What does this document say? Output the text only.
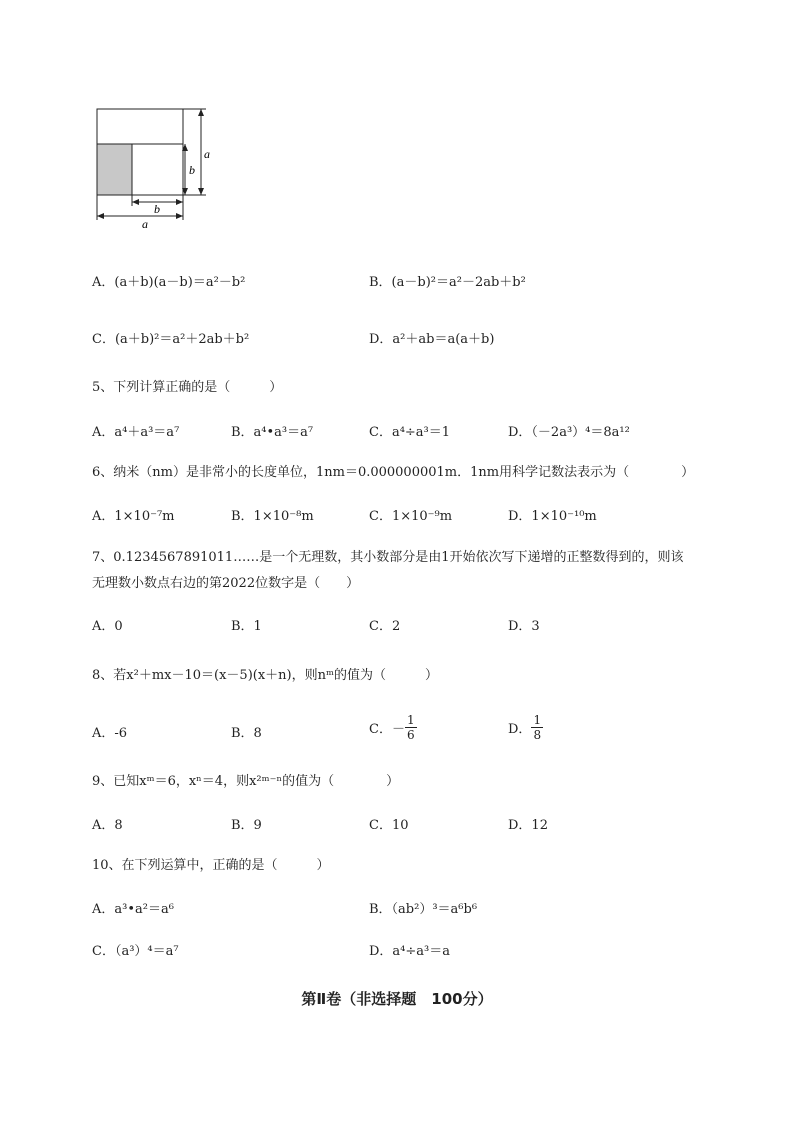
a
b
b
a
A．(a＋b)(a－b)＝a²－b²	B．(a－b)²＝a²－2ab＋b²
C．(a＋b)²＝a²＋2ab＋b²	D．a²＋ab＝a(a＋b)
5、下列计算正确的是（　　　）
A．a⁴＋a³＝a⁷	B．a⁴•a³＝a⁷	C．a⁴÷a³＝1	D．（－2a³）⁴＝8a¹²
6、纳米（nm）是非常小的长度单位，1nm＝0.000000001m．1nm用科学记数法表示为（　　　　）
A．1×10⁻⁷m	B．1×10⁻⁸m	C．1×10⁻⁹m	D．1×10⁻¹⁰m
7、0.1234567891011……是一个无理数，其小数部分是由1开始依次写下递增的正整数得到的，则该
无理数小数点右边的第2022位数字是（　　）
A．0	B．1	C．2	D．3
8、若x²＋mx－10＝(x－5)(x＋n)，则nᵐ的值为（　　　）
A．-6	B．8	C．－ $\frac{1}{6}$	D． $\frac{1}{8}$
9、已知xᵐ＝6，xⁿ＝4，则x²ᵐ⁻ⁿ的值为（　　　　）
A．8	B．9	C．10	D．12
10、在下列运算中，正确的是（　　　）
A．a³•a²＝a⁶	B．（ab²）³＝a⁶b⁶
C．（a³）⁴＝a⁷	D．a⁴÷a³＝a
第Ⅱ卷（非选择题　100分）
